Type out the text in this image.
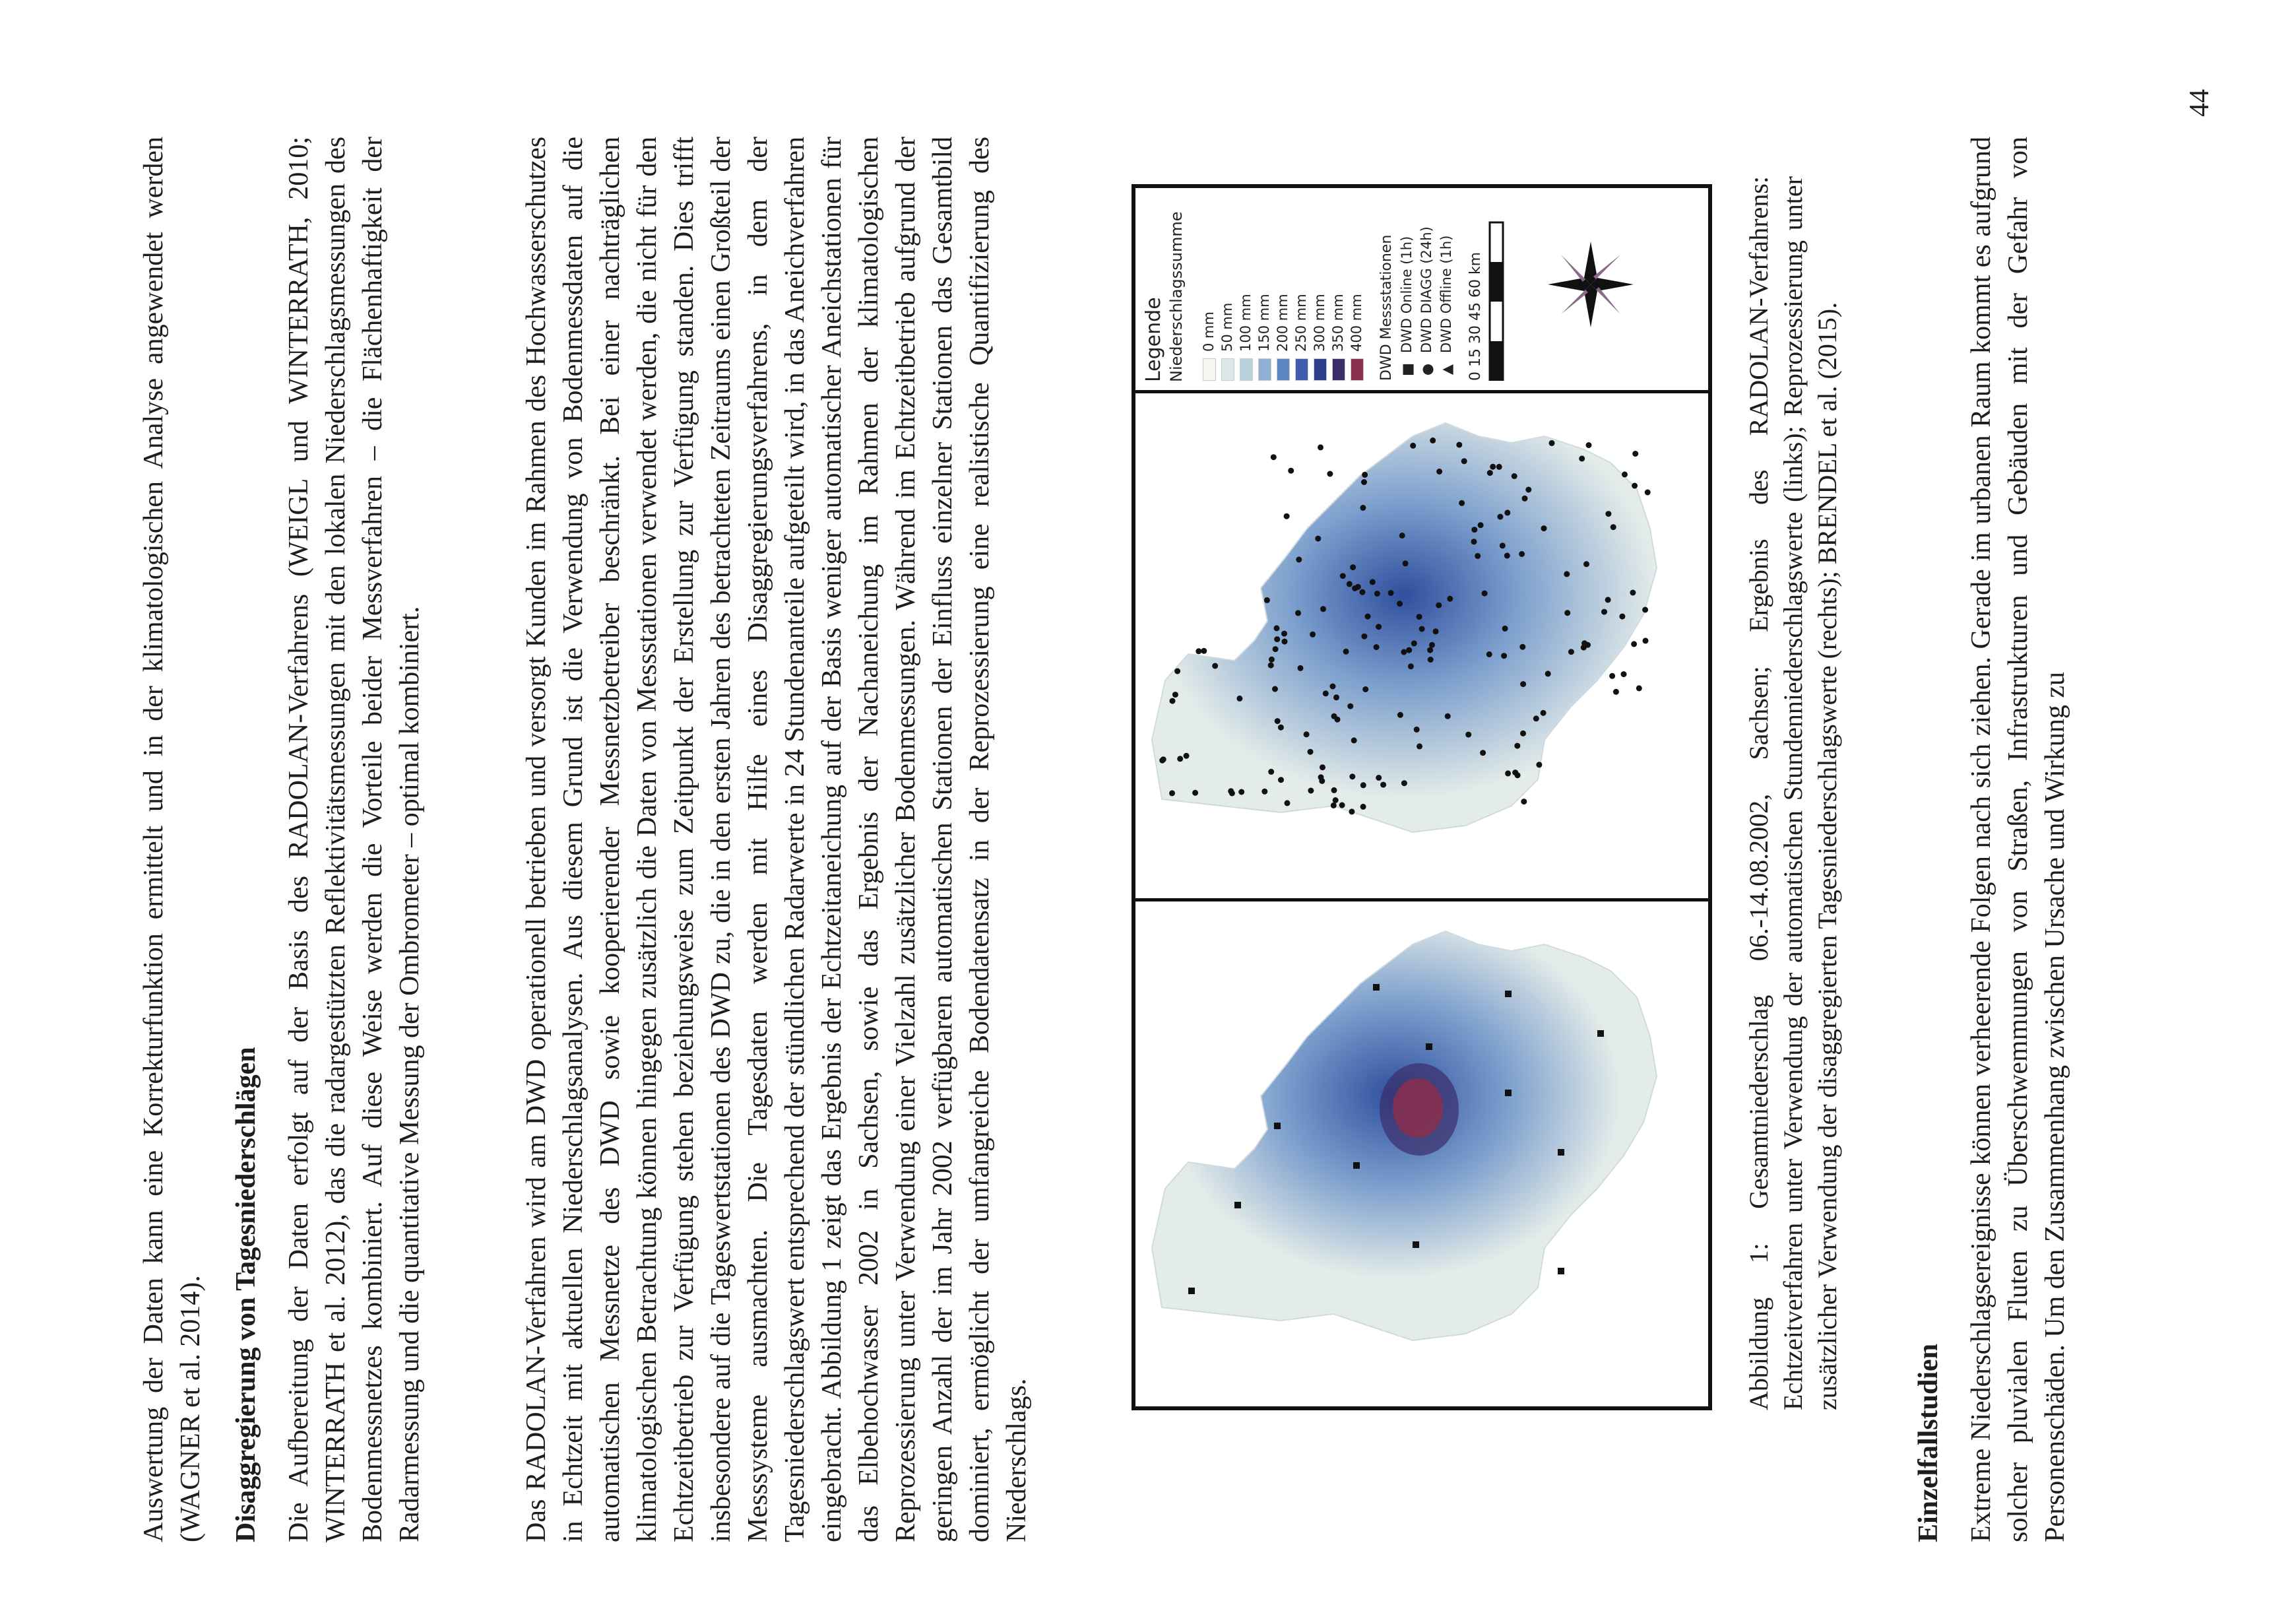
Auswertung der Daten kann eine Korrekturfunktion ermittelt und in der klimatologischen Analyse angewendet werden (WAGNER et al. 2014). Disaggregierung von Tagesniederschlägen Die Aufbereitung der Daten erfolgt auf der Basis des RADOLAN-Verfahrens (WEIGL und WINTERRATH, 2010; WINTERRATH et al. 2012), das die radargestützten Reflektivitätsmessungen mit den lokalen Niederschlagsmessungen des Bodenmessnetzes kombiniert. Auf diese Weise werden die Vorteile beider Messverfahren – die Flächenhaftigkeit der Radarmessung und die quantitative Messung der Ombrometer – optimal kombiniert.	Das RADOLAN-Verfahren wird am DWD operationell betrieben und versorgt Kunden im Rahmen des Hochwasserschutzes in Echtzeit mit aktuellen Niederschlagsanalysen. Aus diesem Grund ist die Verwendung von Bodenmessdaten auf die automatischen Messnetze des DWD sowie kooperierender Messnetzbetreiber beschränkt. Bei einer nachträglichen klimatologischen Betrachtung können hingegen zusätzlich die Daten von Messstationen verwendet werden, die nicht für den Echtzeitbetrieb zur Verfügung stehen beziehungsweise zum Zeitpunkt der Erstellung zur Verfügung standen. Dies trifft insbesondere auf die Tageswertstationen des DWD zu, die in den ersten Jahren des betrachteten Zeitraums einen Großteil der Messsysteme ausmachten. Die Tagesdaten werden mit Hilfe eines Disaggregierungsverfahrens, in dem der Tagesniederschlagswert entsprechend der stündlichen Radarwerte in 24 Stundenanteile aufgeteilt wird, in das Aneichverfahren eingebracht. Abbildung 1 zeigt das Ergebnis der Echtzeitaneichung auf der Basis weniger automatischer Aneichstationen für das Elbehochwasser 2002 in Sachsen, sowie das Ergebnis der Nachaneichung im Rahmen der klimatologischen Reprozessierung unter Verwendung einer Vielzahl zusätzlicher Bodenmessungen. Während im Echtzeitbetrieb aufgrund der geringen Anzahl der im Jahr 2002 verfügbaren automatischen Stationen der Einfluss einzelner Stationen das Gesamtbild dominiert, ermöglicht der umfangreiche Bodendatensatz in der Reprozessierung eine realistische Quantifizierung des Niederschlags.

Legende Niederschlagssumme 0 mm 50 mm 100 mm 150 mm 200 mm 250 mm 300 mm 350 mm 400 mm DWD Messstationen ■DWD Online (1h)
●DWD DIAGG (24h)
▲DWD Offline (1h) 0 15 30 45 60 km	Abbildung 1: Gesamtniederschlag 06.-14.08.2002, Sachsen; Ergebnis des RADOLAN-Verfahrens: Echtzeitverfahren unter Verwendung der automatischen Stundenniederschlagswerte (links); Reprozessierung unter zusätzlicher Verwendung der disaggregierten Tagesniederschlagswerte (rechts); BRENDEL et al. (2015).

Einzelfallstudien Extreme Niederschlagsereignisse können verheerende Folgen nach sich ziehen. Gerade im urbanen Raum kommt es aufgrund solcher pluvialen Fluten zu Überschwemmungen von Straßen, Infrastrukturen und Gebäuden mit der Gefahr von Personenschäden. Um den Zusammenhang zwischen Ursache und Wirkung zu

44
